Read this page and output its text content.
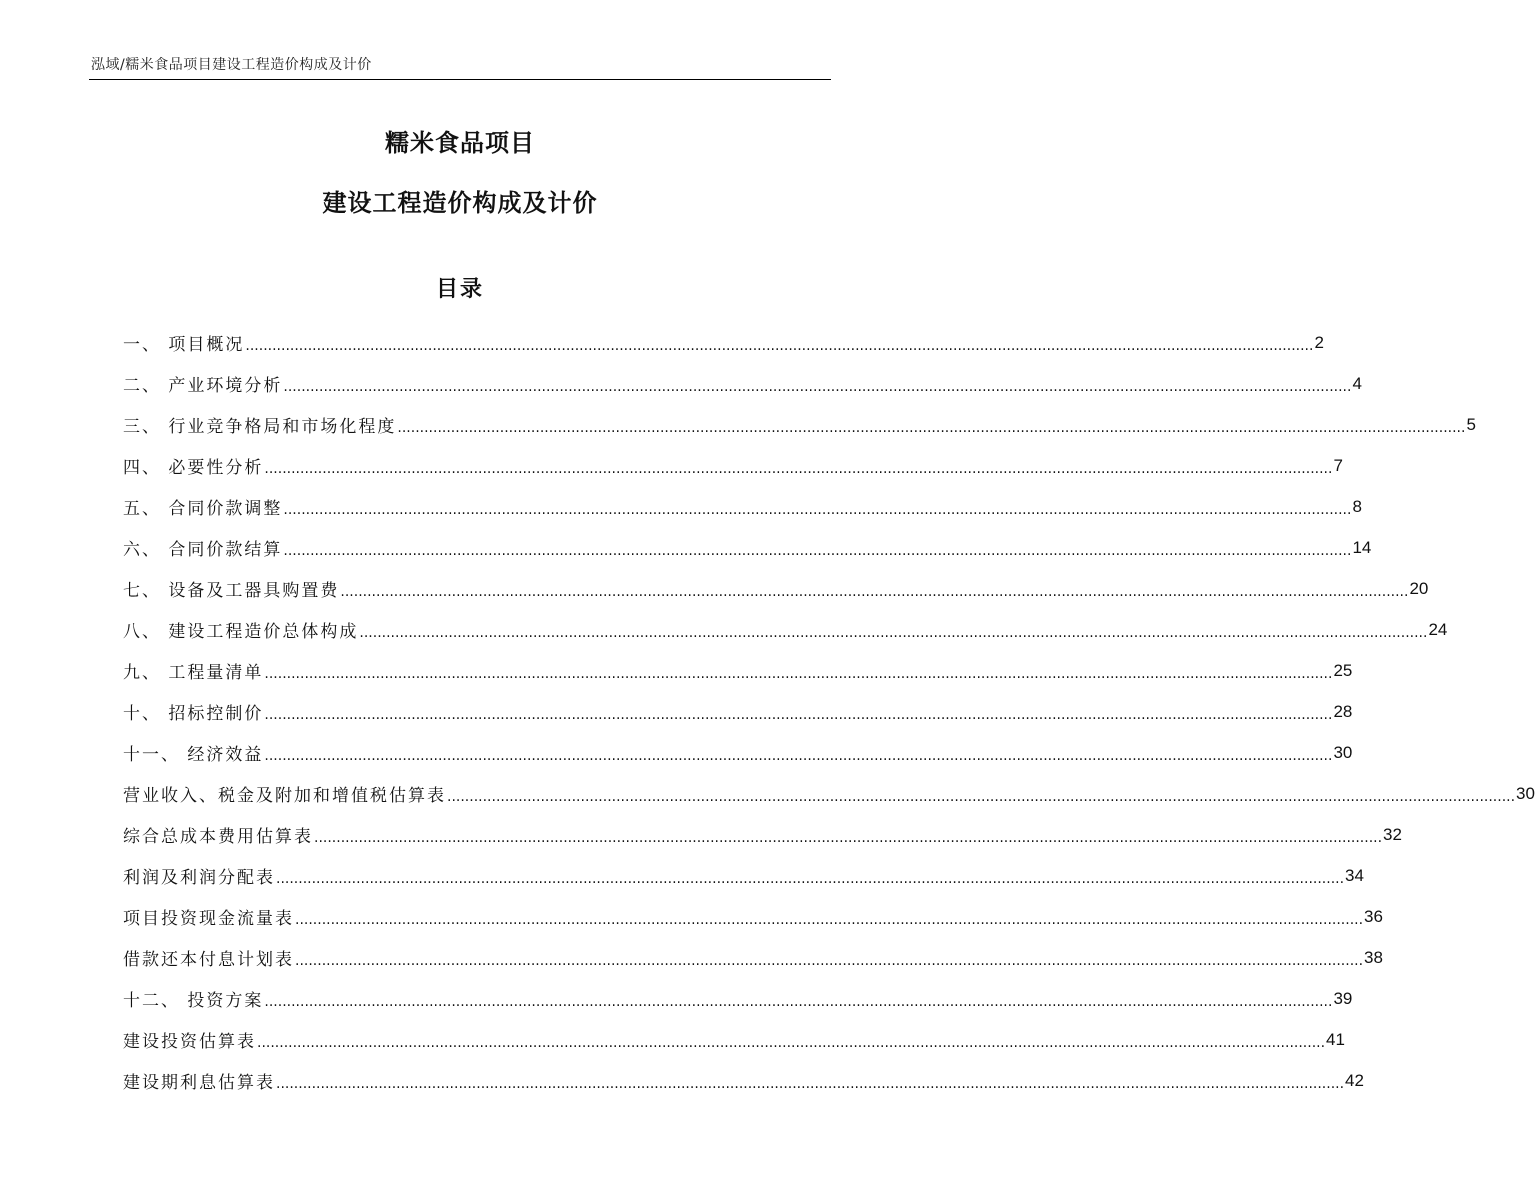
泓域/糯米食品项目建设工程造价构成及计价
糯米食品项目
建设工程造价构成及计价
目录
一、 项目概况 ................................................................................................................................................................................................................................................ 2
二、 产业环境分析 ................................................................................................................................................................................................................................................ 4
三、 行业竞争格局和市场化程度 ................................................................................................................................................................................................................................................ 5
四、 必要性分析 ................................................................................................................................................................................................................................................ 7
五、 合同价款调整 ................................................................................................................................................................................................................................................ 8
六、 合同价款结算 ................................................................................................................................................................................................................................................ 14
七、 设备及工器具购置费 ................................................................................................................................................................................................................................................ 20
八、 建设工程造价总体构成 ................................................................................................................................................................................................................................................ 24
九、 工程量清单 ................................................................................................................................................................................................................................................ 25
十、 招标控制价 ................................................................................................................................................................................................................................................ 28
十一、 经济效益 ................................................................................................................................................................................................................................................ 30
营业收入、税金及附加和增值税估算表 ................................................................................................................................................................................................................................................ 30
综合总成本费用估算表 ................................................................................................................................................................................................................................................ 32
利润及利润分配表 ................................................................................................................................................................................................................................................ 34
项目投资现金流量表 ................................................................................................................................................................................................................................................ 36
借款还本付息计划表 ................................................................................................................................................................................................................................................ 38
十二、 投资方案 ................................................................................................................................................................................................................................................ 39
建设投资估算表 ................................................................................................................................................................................................................................................ 41
建设期利息估算表 ................................................................................................................................................................................................................................................ 42
